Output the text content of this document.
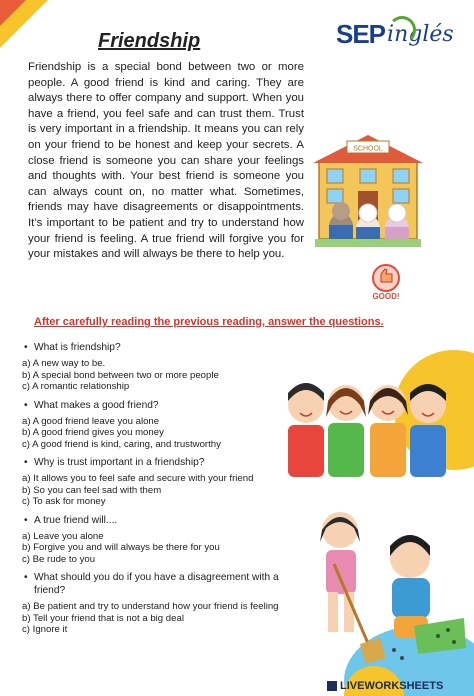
Friendship	SEP inglés
Friendship is a special bond between two or more people. A good friend is kind and caring. They are always there to offer company and support. When you have a friend, you feel safe and can trust them. Trust is very important in a friendship. It means you can rely on your friend to be honest and keep your secrets. A close friend is someone you can share your feelings and thoughts with. Your best friend is someone you can always count on, no matter what. Sometimes, friends may have disagreements or disappointments. It’s important to be patient and try to understand how your friend is feeling. A true friend will forgive you for your mistakes and will always be there to help you.
SCHOOL
GOOD!
After carefully reading the previous reading, answer the questions.
• What is friendship?
a) A new way to be.
b) A special bond between two or more people
c) A romantic relationship
• What makes a good friend?
a) A good friend leave you alone
b) A good friend gives you money
c) A good friend is kind, caring, and trustworthy
• Why is trust important in a friendship?
a) It allows you to feel safe and secure with your friend
b) So you can feel sad with them
c) To ask for money
• A true friend will....
a) Leave you alone
b) Forgive you and will always be there for you
c) Be rude to you
• What should you do if you have a disagreement with a friend?
a) Be patient and try to understand how your friend is feeling
b) Tell your friend that is not a big deal
c) Ignore it
LIVEWORKSHEETS
